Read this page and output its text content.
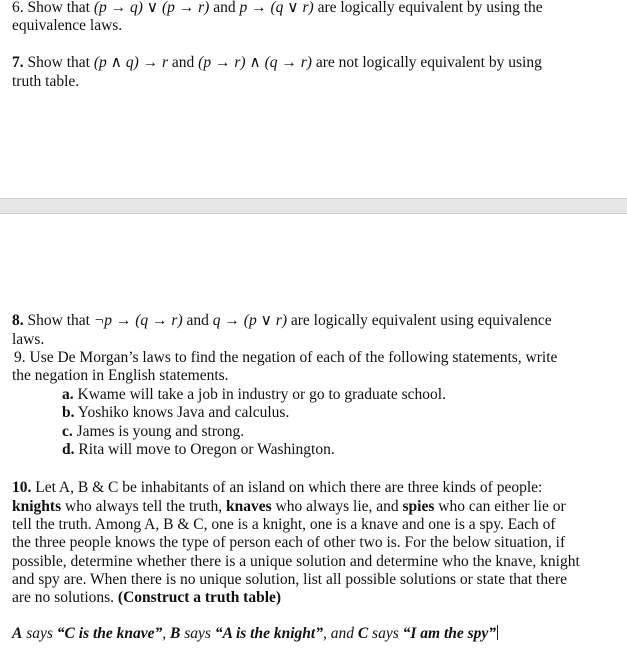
6. Show that (p → q) ∨ (p → r) and p → (q ∨ r) are logically equivalent by using the
equivalence laws.
7. Show that (p ∧ q) → r and (p → r) ∧ (q → r) are not logically equivalent by using
truth table.
8. Show that ¬p → (q → r) and q → (p ∨ r) are logically equivalent using equivalence
laws.
9. Use De Morgan’s laws to find the negation of each of the following statements, write
the negation in English statements.
a. Kwame will take a job in industry or go to graduate school.
b. Yoshiko knows Java and calculus.
c. James is young and strong.
d. Rita will move to Oregon or Washington.
10. Let A, B & C be inhabitants of an island on which there are three kinds of people:
knights who always tell the truth, knaves who always lie, and spies who can either lie or
tell the truth. Among A, B & C, one is a knight, one is a knave and one is a spy. Each of
the three people knows the type of person each of other two is. For the below situation, if
possible, determine whether there is a unique solution and determine who the knave, knight
and spy are. When there is no unique solution, list all possible solutions or state that there
are no solutions. (Construct a truth table)
A says “C is the knave”, B says “A is the knight”, and C says “I am the spy”
